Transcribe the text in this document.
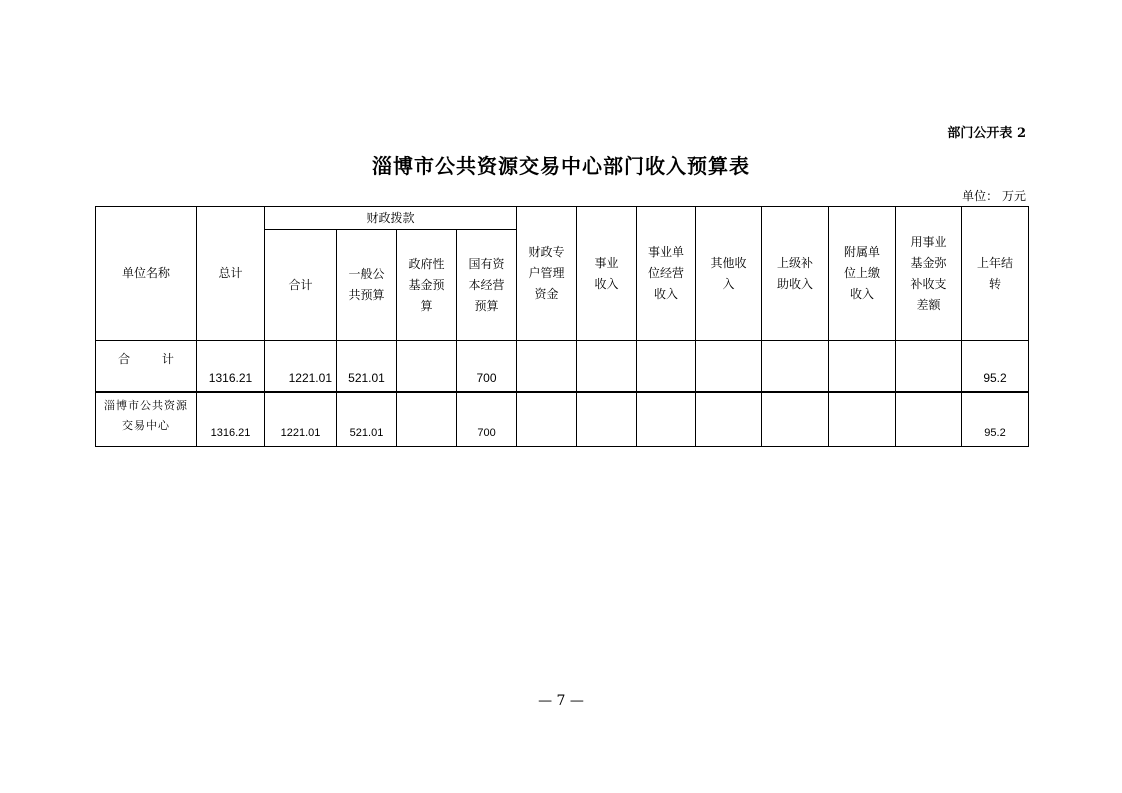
部门公开表 2
淄博市公共资源交易中心部门收入预算表
单位： 万元
单位名称	总计	财政拨款				财政专户管理资金	事业收入	事业单位经营收入	其他收入	上级补助收入	附属单位上缴收入	用事业基金弥补收支差额	上年结转
		合计	一般公共预算	政府性基金预算	国有资本经营预算								
合 计	1316.21	1221.01	521.01		700								95.2
淄博市公共资源交易中心	1316.21	1221.01	521.01		700								95.2
— 7 —
